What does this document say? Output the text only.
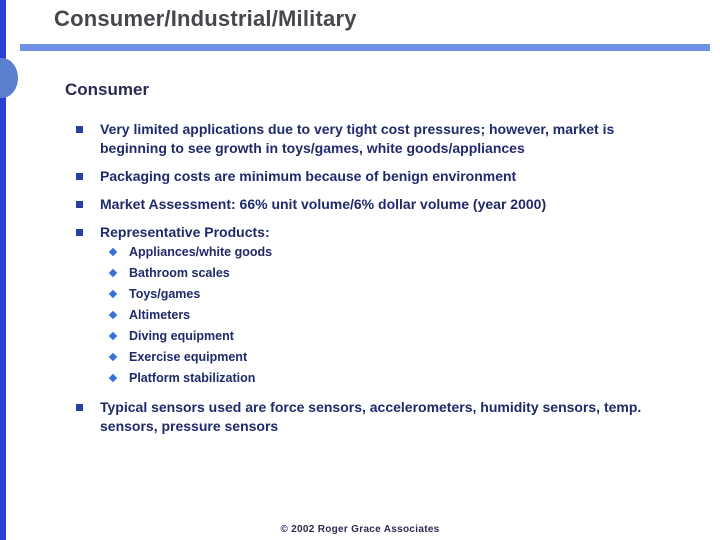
Consumer/Industrial/Military
Consumer
Very limited applications due to very tight cost pressures; however, market is beginning to see growth in toys/games, white goods/appliances
Packaging costs are minimum because of benign environment
Market Assessment: 66% unit volume/6% dollar volume (year 2000)
Representative Products:
Appliances/white goods
Bathroom scales
Toys/games
Altimeters
Diving equipment
Exercise equipment
Platform stabilization
Typical sensors used are force sensors, accelerometers, humidity sensors, temp. sensors, pressure sensors
© 2002 Roger Grace Associates
